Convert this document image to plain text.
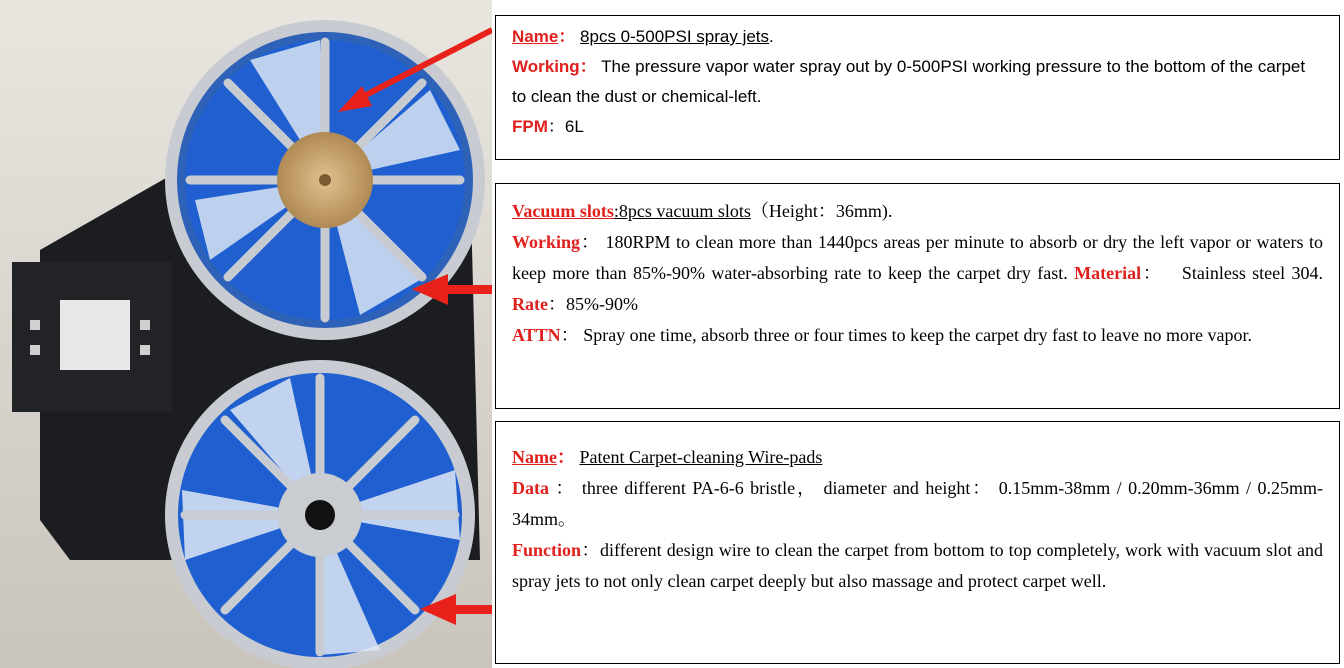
Name： 8pcs 0-500PSI spray jets.
Working： The pressure vapor water spray out by 0-500PSI working pressure to the bottom of the carpet to clean the dust or chemical-left.
FPM：6L
Vacuum slots:8pcs vacuum slots（Height：36mm).
Working： 180RPM to clean more than 1440pcs areas per minute to absorb or dry the left vapor or waters to keep more than 85%-90% water-absorbing rate to keep the carpet dry fast. Material： Stainless steel 304. Rate：85%-90%
ATTN： Spray one time, absorb three or four times to keep the carpet dry fast to leave no more vapor.
Name： Patent Carpet-cleaning Wire-pads
Data ： three different PA-6-6 bristle， diameter and height： 0.15mm-38mm / 0.20mm-36mm / 0.25mm-34mm。
Function：different design wire to clean the carpet from bottom to top completely, work with vacuum slot and spray jets to not only clean carpet deeply but also massage and protect carpet well.
